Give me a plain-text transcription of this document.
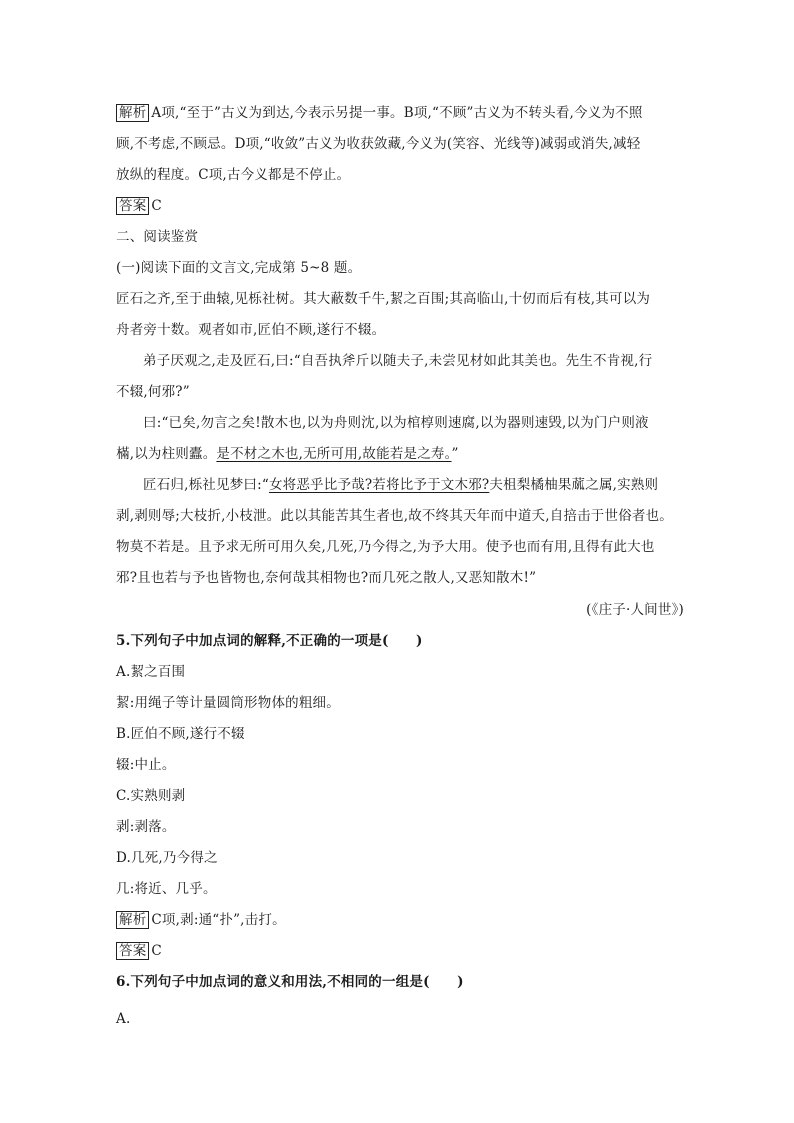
解析 A项,“至于”古义为到达,今表示另提一事。B项,“不顾”古义为不转头看,今义为不照
顾,不考虑,不顾忌。D项,“收敛”古义为收获敛藏,今义为(笑容、光线等)减弱或消失,减轻
放纵的程度。C项,古今义都是不停止。
答案 C
二、阅读鉴赏
(一)阅读下面的文言文,完成第 5~8 题。
匠石之齐,至于曲辕,见栎社树。其大蔽数千牛,絜之百围;其高临山,十仞而后有枝,其可以为
舟者旁十数。观者如市,匠伯不顾,遂行不辍。
弟子厌观之,走及匠石,曰:“自吾执斧斤以随夫子,未尝见材如此其美也。先生不肯视,行
不辍,何邪?”
曰:“已矣,勿言之矣!散木也,以为舟则沈,以为棺椁则速腐,以为器则速毁,以为门户则液
樠,以为柱则蠹。是不材之木也,无所可用,故能若是之寿。”
匠石归,栎社见梦曰:“女将恶乎比予哉?若将比予于文木邪?夫柤梨橘柚果蓏之属,实熟则
剥,剥则辱;大枝折,小枝泄。此以其能苦其生者也,故不终其天年而中道夭,自掊击于世俗者也。
物莫不若是。且予求无所可用久矣,几死,乃今得之,为予大用。使予也而有用,且得有此大也
邪?且也若与予也皆物也,奈何哉其相物也?而几死之散人,又恶知散木!”
(《庄子·人间世》)
5.下列句子中加点词的解释,不正确的一项是(　　)
A.絜之百围
絜:用绳子等计量圆筒形物体的粗细。
B.匠伯不顾,遂行不辍
辍:中止。
C.实熟则剥
剥:剥落。
D.几死,乃今得之
几:将近、几乎。
解析 C项,剥:通“扑”,击打。
答案 C
6.下列句子中加点词的意义和用法,不相同的一组是(　　)
A.
